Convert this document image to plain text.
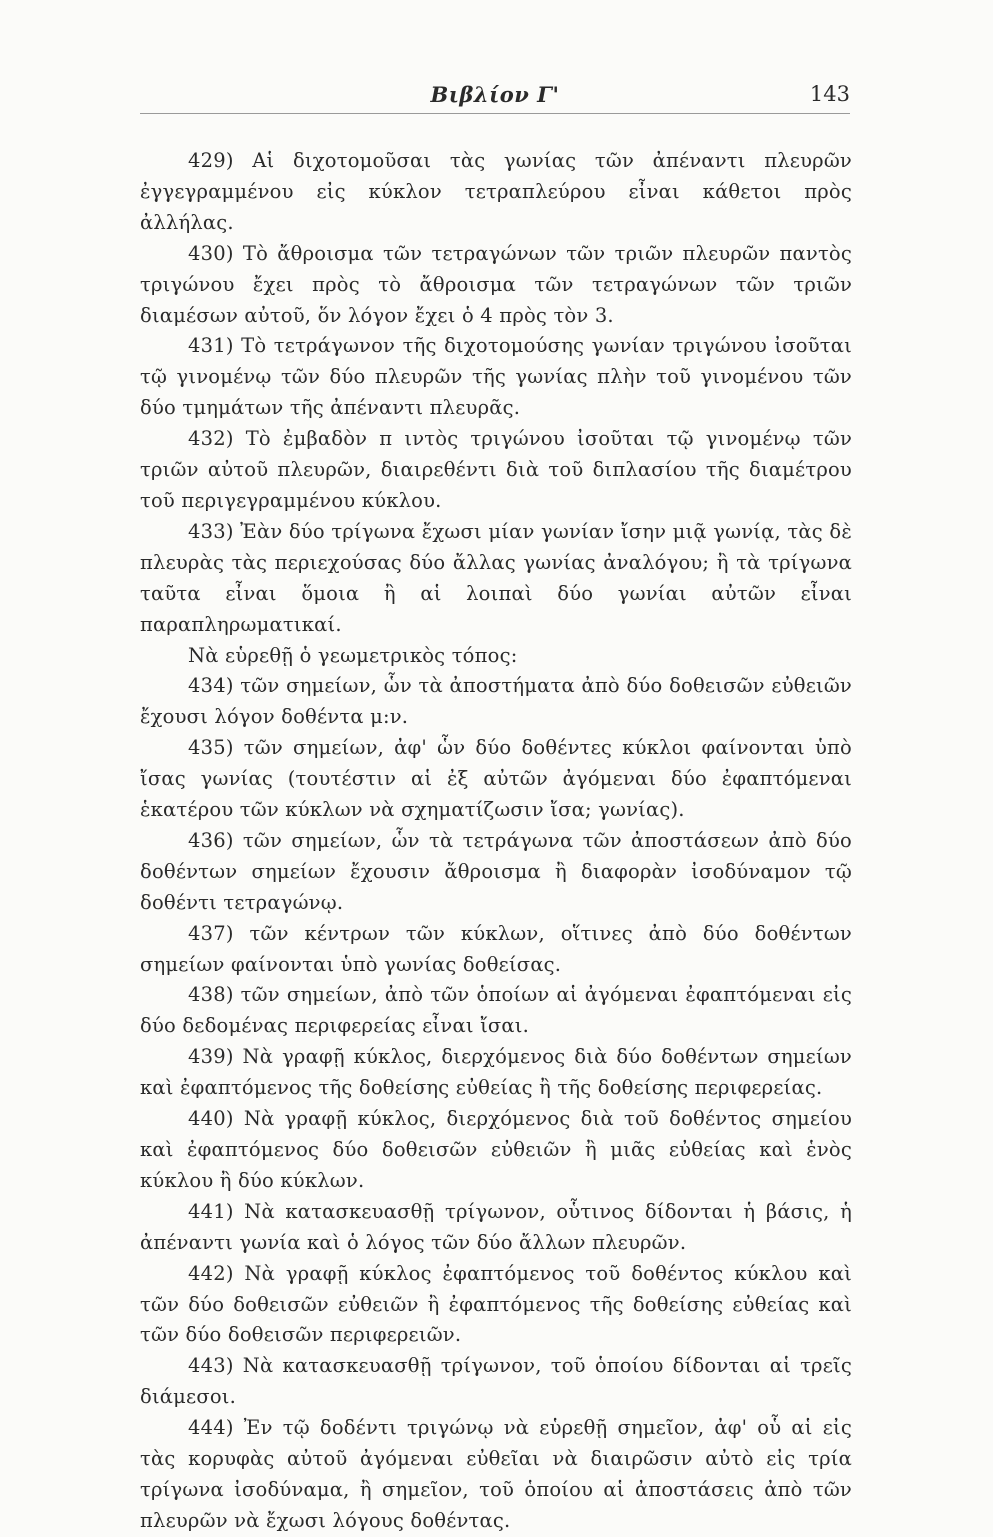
Βιβλίον Γ'	143

429) Αἱ διχοτομοῦσαι τὰς γωνίας τῶν ἀπέναντι πλευρῶν ἐγγεγραμμένου εἰς κύκλον τετραπλεύρου εἶναι κάθετοι πρὸς ἀλλήλας.

430) Τὸ ἄθροισμα τῶν τετραγώνων τῶν τριῶν πλευρῶν παντὸς τριγώνου ἔχει πρὸς τὸ ἄθροισμα τῶν τετραγώνων τῶν τριῶν διαμέσων αὐτοῦ, ὅν λόγον ἔχει ὁ 4 πρὸς τὸν 3.

431) Τὸ τετράγωνον τῆς διχοτομούσης γωνίαν τριγώνου ἰσοῦται τῷ γινομένῳ τῶν δύο πλευρῶν τῆς γωνίας πλὴν τοῦ γινομένου τῶν δύο τμημάτων τῆς ἀπέναντι πλευρᾶς.

432) Τὸ ἐμβαδὸν π ιντὸς τριγώνου ἰσοῦται τῷ γινομένῳ τῶν τριῶν αὐτοῦ πλευρῶν, διαιρεθέντι διὰ τοῦ διπλασίου τῆς διαμέτρου τοῦ περιγεγραμμένου κύκλου.

433) Ἐὰν δύο τρίγωνα ἔχωσι μίαν γωνίαν ἴσην μιᾷ γωνίᾳ, τὰς δὲ πλευρὰς τὰς περιεχούσας δύο ἄλλας γωνίας ἀναλόγου; ἢ τὰ τρίγωνα ταῦτα εἶναι ὅμοια ἢ αἱ λοιπαὶ δύο γωνίαι αὐτῶν εἶναι παραπληρωματικαί.

Νὰ εὑρεθῇ ὁ γεωμετρικὸς τόπος:

434) τῶν σημείων, ὧν τὰ ἀποστήματα ἀπὸ δύο δοθεισῶν εὐθειῶν ἔχουσι λόγον δοθέντα μ:ν.

435) τῶν σημείων, ἀφ' ὧν δύο δοθέντες κύκλοι φαίνονται ὑπὸ ἴσας γωνίας (τουτέστιν αἱ ἐξ αὐτῶν ἀγόμεναι δύο ἐφαπτόμεναι ἑκατέρου τῶν κύκλων νὰ σχηματίζωσιν ἴσα; γωνίας).

436) τῶν σημείων, ὧν τὰ τετράγωνα τῶν ἀποστάσεων ἀπὸ δύο δοθέντων σημείων ἔχουσιν ἄθροισμα ἢ διαφορὰν ἰσοδύναμον τῷ δοθέντι τετραγώνῳ.

437) τῶν κέντρων τῶν κύκλων, οἵτινες ἀπὸ δύο δοθέντων σημείων φαίνονται ὑπὸ γωνίας δοθείσας.

438) τῶν σημείων, ἀπὸ τῶν ὁποίων αἱ ἀγόμεναι ἐφαπτόμεναι εἰς δύο δεδομένας περιφερείας εἶναι ἴσαι.

439) Νὰ γραφῇ κύκλος, διερχόμενος διὰ δύο δοθέντων σημείων καὶ ἐφαπτόμενος τῆς δοθείσης εὐθείας ἢ τῆς δοθείσης περιφερείας.

440) Νὰ γραφῇ κύκλος, διερχόμενος διὰ τοῦ δοθέντος σημείου καὶ ἐφαπτόμενος δύο δοθεισῶν εὐθειῶν ἢ μιᾶς εὐθείας καὶ ἑνὸς κύκλου ἢ δύο κύκλων.

441) Νὰ κατασκευασθῇ τρίγωνον, οὗτινος δίδονται ἡ βάσις, ἡ ἀπέναντι γωνία καὶ ὁ λόγος τῶν δύο ἄλλων πλευρῶν.

442) Νὰ γραφῇ κύκλος ἐφαπτόμενος τοῦ δοθέντος κύκλου καὶ τῶν δύο δοθεισῶν εὐθειῶν ἢ ἐφαπτόμενος τῆς δοθείσης εὐθείας καὶ τῶν δύο δοθεισῶν περιφερειῶν.

443) Νὰ κατασκευασθῇ τρίγωνον, τοῦ ὁποίου δίδονται αἱ τρεῖς διάμεσοι.

444) Ἐν τῷ δοδέντι τριγώνῳ νὰ εὑρεθῇ σημεῖον, ἀφ' οὗ αἱ εἰς τὰς κορυφὰς αὐτοῦ ἀγόμεναι εὐθεῖαι νὰ διαιρῶσιν αὐτὸ εἰς τρία τρίγωνα ἰσοδύναμα, ἢ σημεῖον, τοῦ ὁποίου αἱ ἀποστάσεις ἀπὸ τῶν πλευρῶν νὰ ἔχωσι λόγους δοθέντας.
